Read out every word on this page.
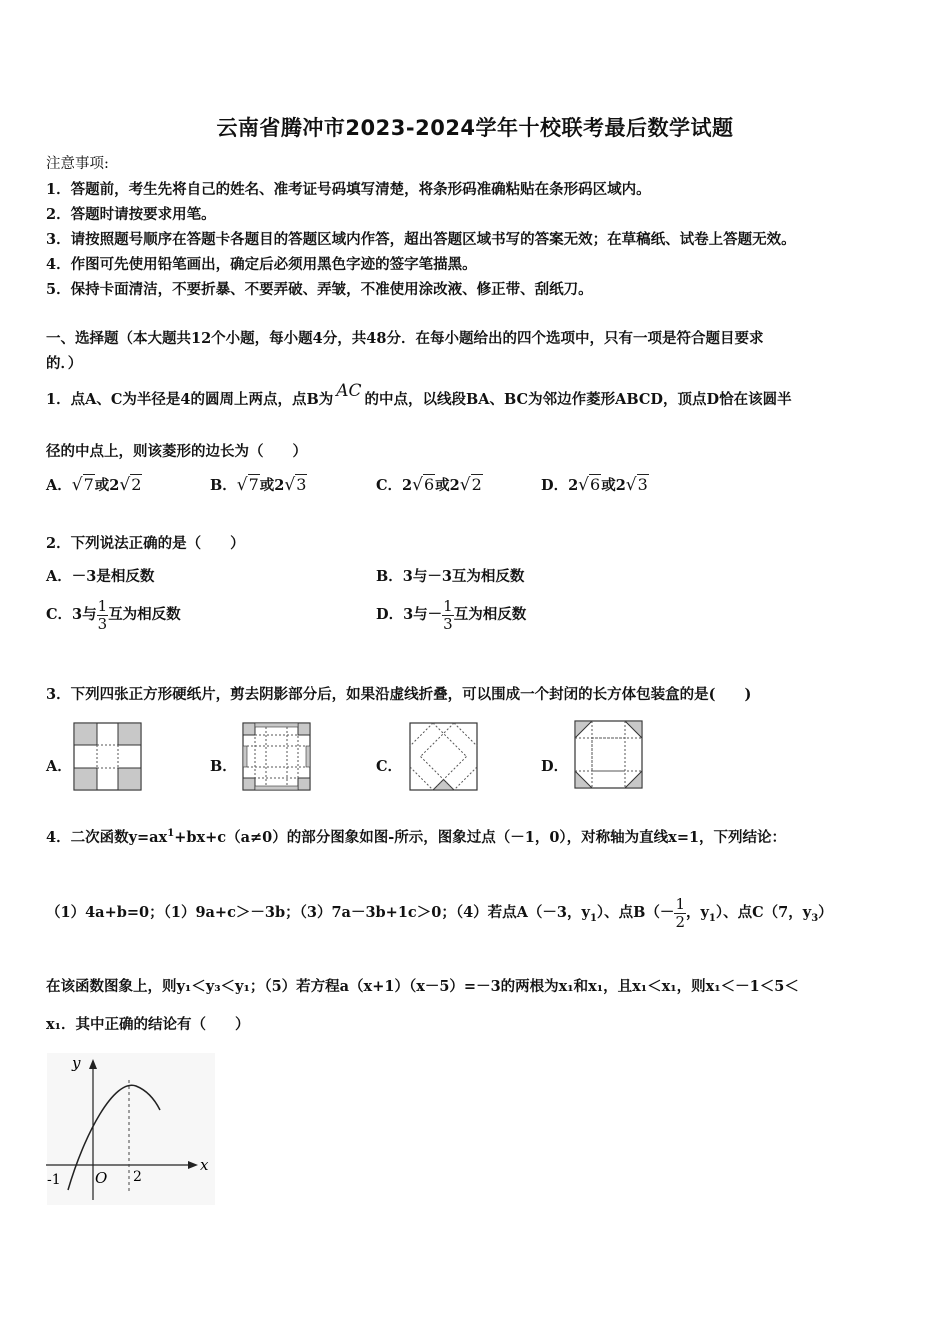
云南省腾冲市2023-2024学年十校联考最后数学试题
注意事项:
1．答题前，考生先将自己的姓名、准考证号码填写清楚，将条形码准确粘贴在条形码区域内。
2．答题时请按要求用笔。
3．请按照题号顺序在答题卡各题目的答题区域内作答，超出答题区域书写的答案无效；在草稿纸、试卷上答题无效。
4．作图可先使用铅笔画出，确定后必须用黑色字迹的签字笔描黑。
5．保持卡面清洁，不要折暴、不要弄破、弄皱，不准使用涂改液、修正带、刮纸刀。
一、选择题（本大题共12个小题，每小题4分，共48分．在每小题给出的四个选项中，只有一项是符合题目要求
的．）
1．点A、C为半径是4的圆周上两点，点B为 AC 的中点，以线段BA、BC为邻边作菱形ABCD，顶点D恰在该圆半
径的中点上，则该菱形的边长为（　　）
A．√7或2√2	B．√7或2√3	C．2√6或2√2	D．2√6或2√3
2．下列说法正确的是（　　）
A．－3是相反数	B．3与－3互为相反数
C．3与 $\frac{1}{3}$ 互为相反数	D．3与－ $\frac{1}{3}$ 互为相反数
3．下列四张正方形硬纸片，剪去阴影部分后，如果沿虚线折叠，可以围成一个封闭的长方体包装盒的是(　　)
A．	B．	C．	D．
4．二次函数$y=ax^1+bx+c(a\ne 0)$的部分图象如图-所示，图象过点（－1，0），对称轴为直线x=1，下列结论：
（1）4a+b=0；（1）9a+c＞－3b；（3）7a－3b+1c＞0；（4）若点A（－3，$y_1$）、点$B(- \frac{1}{2}$ ，$y_1$）、点C（7，$y_3$）
在该函数图象上，则y₁＜y₃＜y₁；（5）若方程a（x+1）（x－5）=－3的两根为x₁和x₁，且x₁＜x₁，则x₁＜－1＜5＜
x₁．其中正确的结论有（　　）
y
x
O
-1	2
